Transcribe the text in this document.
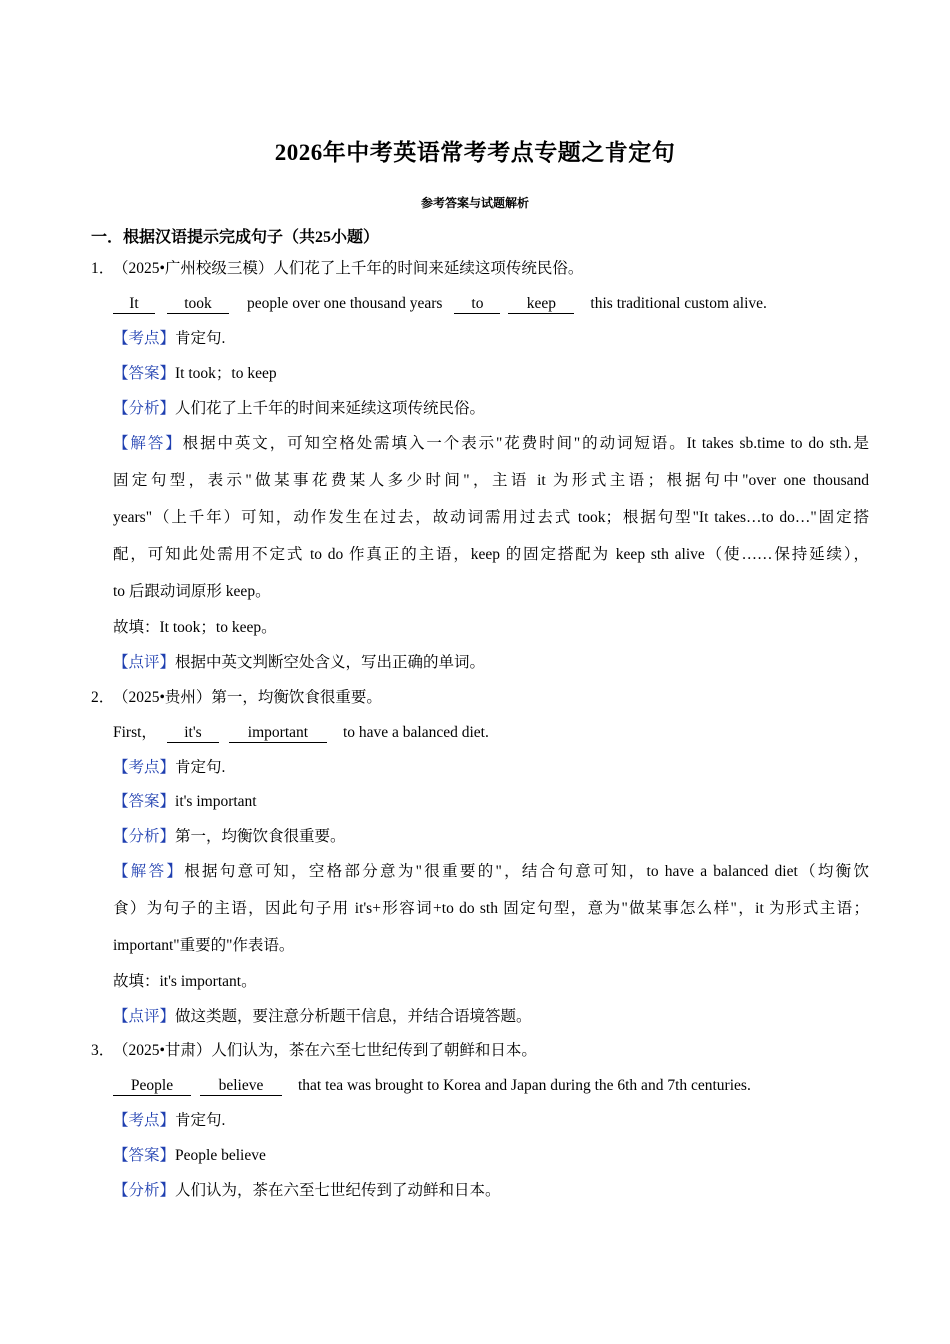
2026年中考英语常考考点专题之肯定句
参考答案与试题解析
一．根据汉语提示完成句子（共25小题）
1．（2025•广州校级三模）人们花了上千年的时间来延续这项传统民俗。
It	took people over one thousand years to	keep this traditional custom alive.
【考点】肯定句.
【答案】It took；to keep
【分析】人们花了上千年的时间来延续这项传统民俗。
【解答】根据中英文，可知空格处需填入一个表示"花费时间"的动词短语。It takes sb.time to do sth.是
固定句型，表示"做某事花费某人多少时间"，主语 it 为形式主语；根据句中"over one thousand
years"（上千年）可知，动作发生在过去，故动词需用过去式 took；根据句型"It takes…to do…"固定搭
配，可知此处需用不定式 to do 作真正的主语，keep 的固定搭配为 keep sth alive（使……保持延续），
to 后跟动词原形 keep。
故填：It took；to keep。
【点评】根据中英文判断空处含义，写出正确的单词。
2．（2025•贵州）第一，均衡饮食很重要。
First， it's	important to have a balanced diet.
【考点】肯定句.
【答案】it's important
【分析】第一，均衡饮食很重要。
【解答】根据句意可知，空格部分意为"很重要的"，结合句意可知，to have a balanced diet（均衡饮
食）为句子的主语，因此句子用 it's+形容词+to do sth 固定句型，意为"做某事怎么样"，it 为形式主语；
important"重要的"作表语。
故填：it's important。
【点评】做这类题，要注意分析题干信息，并结合语境答题。
3．（2025•甘肃）人们认为，茶在六至七世纪传到了朝鲜和日本。
People	believe that tea was brought to Korea and Japan during the 6th and 7th centuries.
【考点】肯定句.
【答案】People believe
【分析】人们认为，茶在六至七世纪传到了动鲜和日本。
